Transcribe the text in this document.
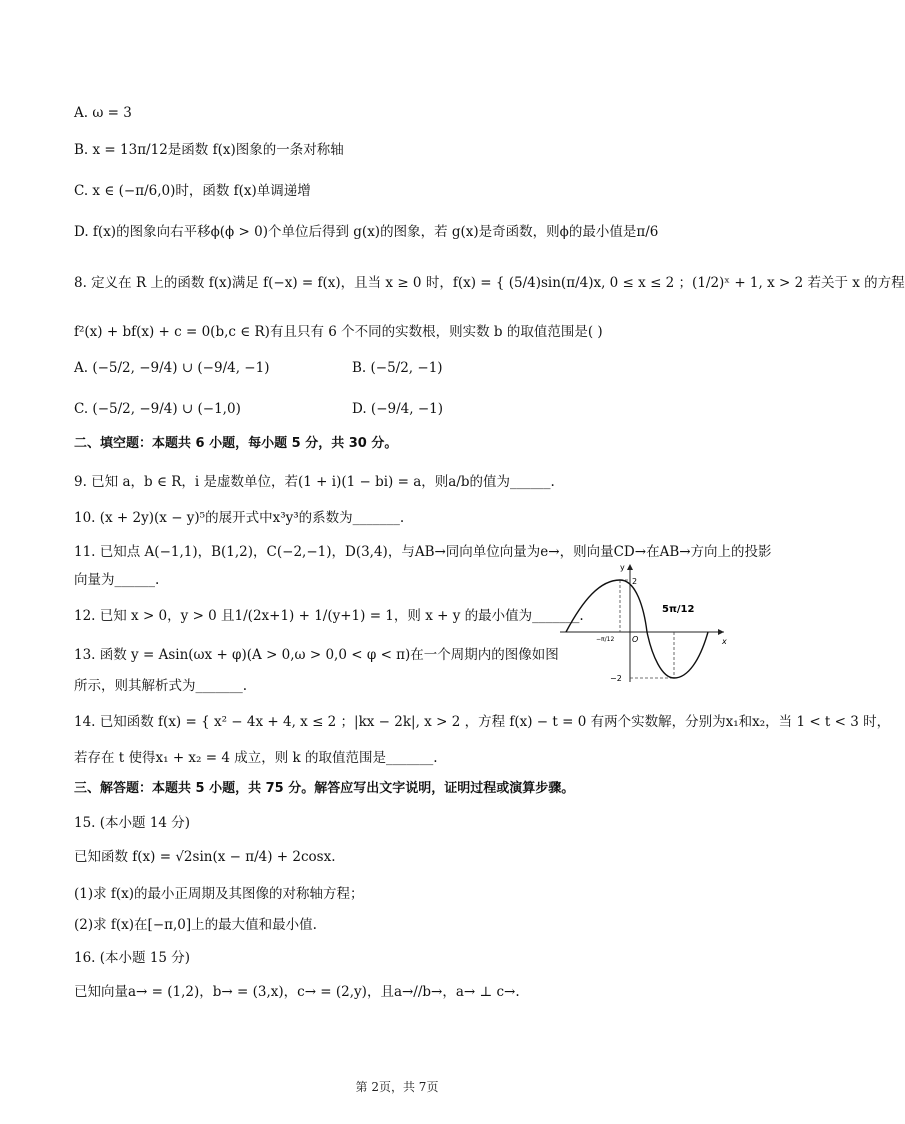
A. ω = 3
B. x = 13π/12是函数 f(x)图象的一条对称轴
C. x ∈ (−π/6,0)时，函数 f(x)单调递增
D. f(x)的图象向右平移ϕ(ϕ > 0)个单位后得到 g(x)的图象，若 g(x)是奇函数，则ϕ的最小值是π/6
8. 定义在 R 上的函数 f(x)满足 f(−x) = f(x)，且当 x ≥ 0 时，f(x) = { (5/4)sin(π/4)x, 0 ≤ x ≤ 2 ；(1/2)ˣ + 1, x > 2 若关于 x 的方程
f²(x) + bf(x) + c = 0(b,c ∈ R)有且只有 6 个不同的实数根，则实数 b 的取值范围是( )
A. (−5/2, −9/4) ∪ (−9/4, −1)	B. (−5/2, −1)
C. (−5/2, −9/4) ∪ (−1,0)	D. (−9/4, −1)
二、填空题：本题共 6 小题，每小题 5 分，共 30 分。
9. 已知 a，b ∈ R，i 是虚数单位，若(1 + i)(1 − bi) = a，则a/b的值为______.
10. (x + 2y)(x − y)⁵的展开式中x³y³的系数为_______.
11. 已知点 A(−1,1)，B(1,2)，C(−2,−1)，D(3,4)，与AB→同向单位向量为e→，则向量CD→在AB→方向上的投影
向量为______.
12. 已知 x > 0，y > 0 且1/(2x+1) + 1/(y+1) = 1，则 x + y 的最小值为_______.
13. 函数 y = Asin(ωx + φ)(A > 0,ω > 0,0 < φ < π)在一个周期内的图像如图
所示，则其解析式为_______.
y
x
O
2
−2
−π/12
5π/12
14. 已知函数 f(x) = { x² − 4x + 4, x ≤ 2 ；|kx − 2k|, x > 2 ，方程 f(x) − t = 0 有两个实数解，分别为x₁和x₂，当 1 < t < 3 时，
若存在 t 使得x₁ + x₂ = 4 成立，则 k 的取值范围是_______.
三、解答题：本题共 5 小题，共 75 分。解答应写出文字说明，证明过程或演算步骤。
15. (本小题 14 分)
已知函数 f(x) = √2sin(x − π/4) + 2cosx.
(1)求 f(x)的最小正周期及其图像的对称轴方程；
(2)求 f(x)在[−π,0]上的最大值和最小值.
16. (本小题 15 分)
已知向量a→ = (1,2)，b→ = (3,x)，c→ = (2,y)，且a→//b→，a→ ⊥ c→.
第 2页，共 7页
